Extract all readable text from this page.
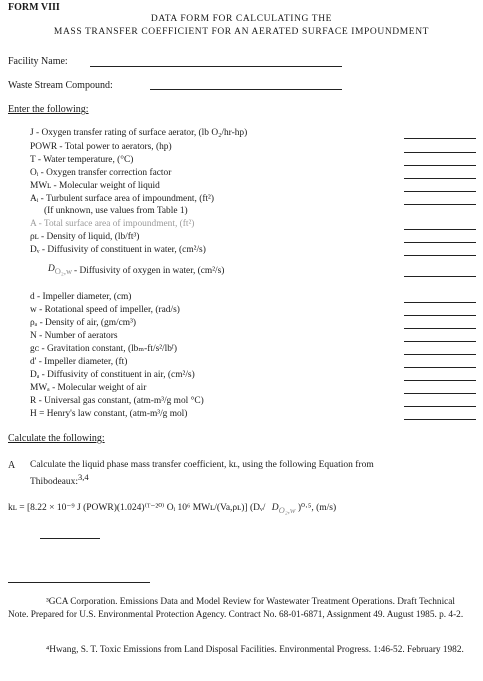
FORM VIII
DATA FORM FOR CALCULATING THE
MASS TRANSFER COEFFICIENT FOR AN AERATED SURFACE IMPOUNDMENT
Facility Name:
Waste Stream Compound:
Enter the following:
J - Oxygen transfer rating of surface aerator, (lb O₂/hr-hp)
POWR - Total power to aerators, (hp)
T - Water temperature, (°C)
Oᵢ - Oxygen transfer correction factor
MWʟ - Molecular weight of liquid
Aᵢ - Turbulent surface area of impoundment, (ft²)
(If unknown, use values from Table 1)
A - Total surface area of impoundment, (ft²)
ρʟ - Density of liquid, (lb/ft³)
Dᵥ - Diffusivity of constituent in water, (cm²/s)
$D_{O_2,w}$ - Diffusivity of oxygen in water, (cm²/s)
d - Impeller diameter, (cm)
w - Rotational speed of impeller, (rad/s)
ρₐ - Density of air, (gm/cm³)
N - Number of aerators
gᴄ - Gravitation constant, (lbₘ-ft/s²/lbᶠ)
d' - Impeller diameter, (ft)
Dₐ - Diffusivity of constituent in air, (cm²/s)
MWₐ - Molecular weight of air
R - Universal gas constant, (atm-m³/g mol °C)
H = Henry's law constant, (atm-m³/g mol)
Calculate the following:
A Calculate the liquid phase mass transfer coefficient, kʟ, using the following Equation from
Thibodeaux:$^{3,4}$
kʟ = [8.22 × 10⁻⁹ J (POWR)(1.024)⁽ᵀ⁻²⁰⁾ Oᵢ 10⁶ MWʟ/(Va,ρʟ)] (Dᵥ/ $D_{O_2,w}$ )⁰·⁵, (m/s)
³GCA Corporation. Emissions Data and Model Review for Wastewater Treatment Operations. Draft Technical Note. Prepared for U.S. Environmental Protection Agency. Contract No. 68-01-6871, Assignment 49. August 1985. p. 4-2.
⁴Hwang, S. T. Toxic Emissions from Land Disposal Facilities. Environmental Progress. 1:46-52. February 1982.
